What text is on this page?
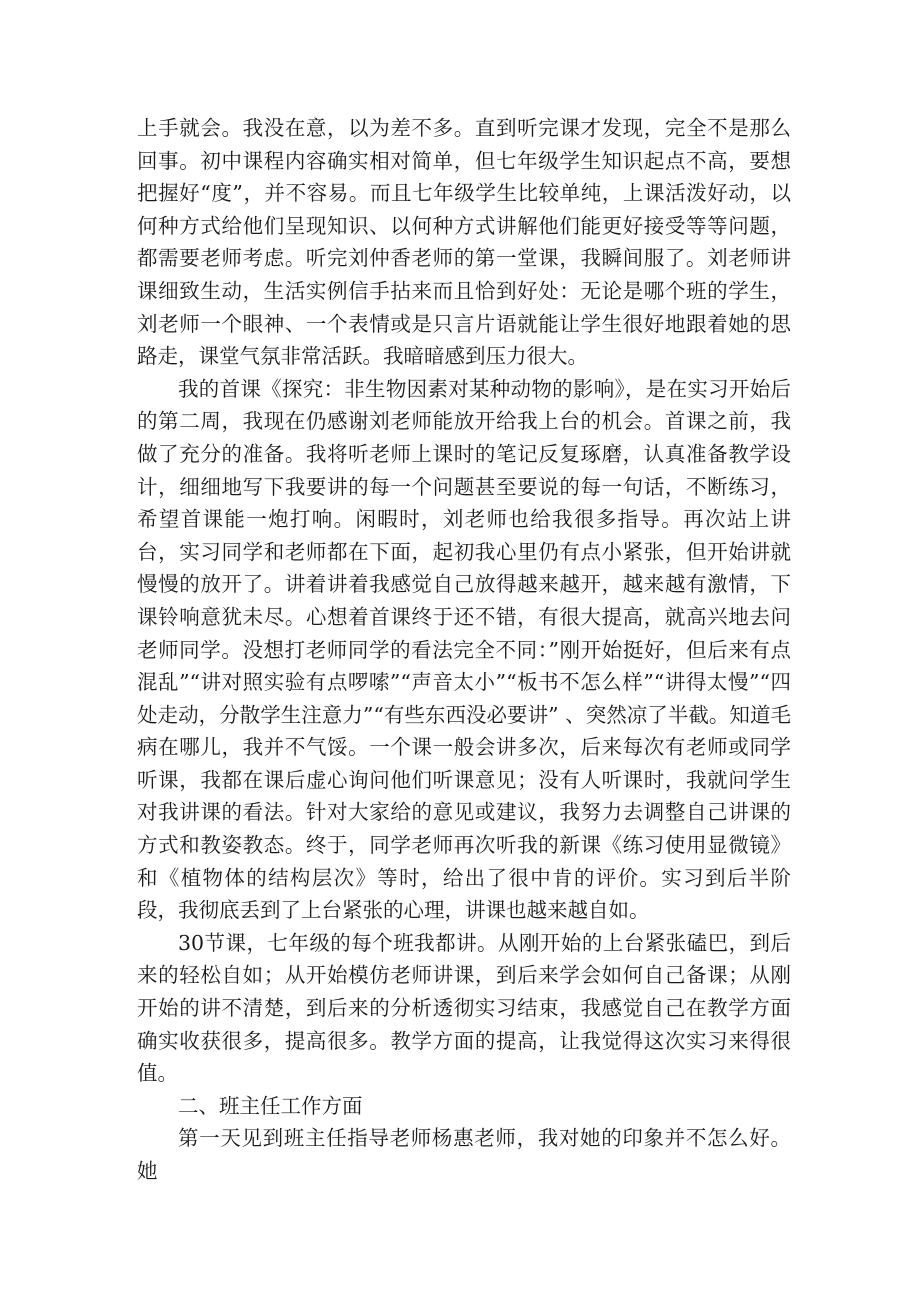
上手就会。我没在意，以为差不多。直到听完课才发现，完全不是那么回事。初中课程内容确实相对简单，但七年级学生知识起点不高，要想把握好“度”，并不容易。而且七年级学生比较单纯，上课活泼好动，以何种方式给他们呈现知识、以何种方式讲解他们能更好接受等等问题，都需要老师考虑。听完刘仲香老师的第一堂课，我瞬间服了。刘老师讲课细致生动，生活实例信手拈来而且恰到好处：无论是哪个班的学生，刘老师一个眼神、一个表情或是只言片语就能让学生很好地跟着她的思路走，课堂气氛非常活跃。我暗暗感到压力很大。

我的首课《探究：非生物因素对某种动物的影响》，是在实习开始后的第二周，我现在仍感谢刘老师能放开给我上台的机会。首课之前，我做了充分的准备。我将听老师上课时的笔记反复琢磨，认真准备教学设计，细细地写下我要讲的每一个问题甚至要说的每一句话，不断练习，希望首课能一炮打响。闲暇时，刘老师也给我很多指导。再次站上讲台，实习同学和老师都在下面，起初我心里仍有点小紧张，但开始讲就慢慢的放开了。讲着讲着我感觉自己放得越来越开，越来越有激情，下课铃响意犹未尽。心想着首课终于还不错，有很大提高，就高兴地去问老师同学。没想打老师同学的看法完全不同：”刚开始挺好，但后来有点混乱”“讲对照实验有点啰嗦”“声音太小”“板书不怎么样”“讲得太慢”“四处走动，分散学生注意力”“有些东西没必要讲” 、突然凉了半截。知道毛病在哪儿，我并不气馁。一个课一般会讲多次，后来每次有老师或同学听课，我都在课后虚心询问他们听课意见；没有人听课时，我就问学生对我讲课的看法。针对大家给的意见或建议，我努力去调整自己讲课的方式和教姿教态。终于，同学老师再次听我的新课《练习使用显微镜》和《植物体的结构层次》等时，给出了很中肯的评价。实习到后半阶段，我彻底丢到了上台紧张的心理，讲课也越来越自如。

30节课，七年级的每个班我都讲。从刚开始的上台紧张磕巴，到后来的轻松自如；从开始模仿老师讲课，到后来学会如何自己备课；从刚开始的讲不清楚，到后来的分析透彻实习结束，我感觉自己在教学方面确实收获很多，提高很多。教学方面的提高，让我觉得这次实习来得很值。

二、班主任工作方面

第一天见到班主任指导老师杨惠老师，我对她的印象并不怎么好。她
